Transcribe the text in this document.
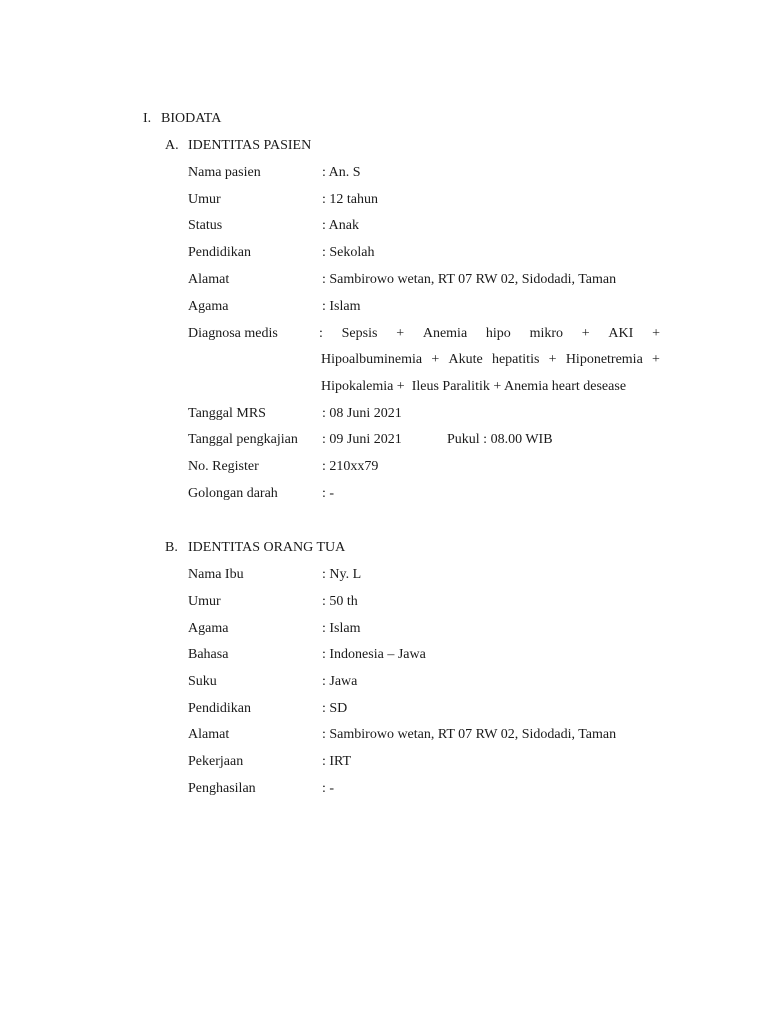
I. BIODATA
A. IDENTITAS PASIEN
Nama pasien	: An. S
Umur	: 12 tahun
Status	: Anak
Pendidikan	: Sekolah
Alamat	: Sambirowo wetan, RT 07 RW 02, Sidodadi, Taman
Agama	: Islam
Diagnosa medis	: Sepsis + Anemia hipo mikro + AKI +
Hipoalbuminemia + Akute hepatitis + Hiponetremia +
Hipokalemia +  Ileus Paralitik + Anemia heart desease
Tanggal MRS	: 08 Juni 2021
Tanggal pengkajian : 09 Juni 2021	Pukul : 08.00 WIB
No. Register	: 210xx79
Golongan darah	: -
B. IDENTITAS ORANG TUA
Nama Ibu	: Ny. L
Umur	: 50 th
Agama	: Islam
Bahasa	: Indonesia – Jawa
Suku	: Jawa
Pendidikan	: SD
Alamat	: Sambirowo wetan, RT 07 RW 02, Sidodadi, Taman
Pekerjaan	: IRT
Penghasilan	: -
